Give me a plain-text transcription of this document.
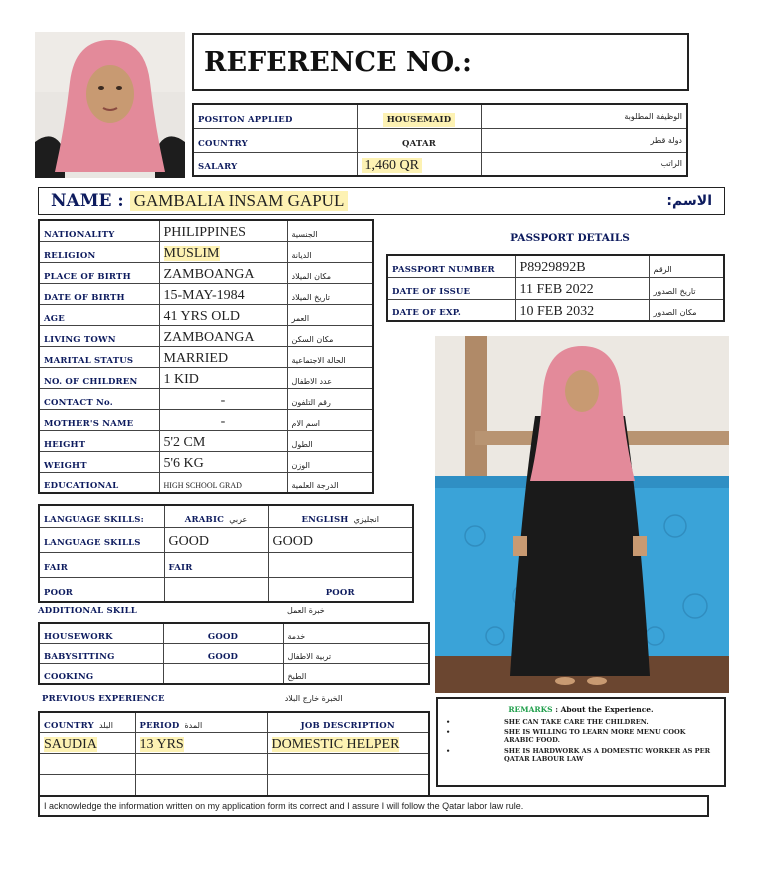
REFERENCE NO.:
POSITON APPLIED	HOUSEMAID	الوظيفة المطلوبة
COUNTRY	QATAR	دولة قطر
SALARY	1,460 QR	الراتب
NAME : GAMBALIA INSAM GAPUL	الاسم:
NATIONALITY	PHILIPPINES	الجنسية
RELIGION	MUSLIM	الديانة
PLACE OF BIRTH	ZAMBOANGA	مكان الميلاد
DATE OF BIRTH	15-MAY-1984	تاريخ الميلاد
AGE	41 YRS OLD	العمر
LIVING TOWN	ZAMBOANGA	مكان السكن
MARITAL STATUS	MARRIED	الحالة الاجتماعية
NO. OF CHILDREN	1 KID	عدد الاطفال
CONTACT No.	-	رقم التلفون
MOTHER'S NAME	-	اسم الام
HEIGHT	5'2 CM	الطول
WEIGHT	5'6 KG	الوزن
EDUCATIONAL	HIGH SCHOOL GRAD	الدرجة العلمية
PASSPORT DETAILS
PASSPORT NUMBER	P8929892B	الرقم
DATE OF ISSUE	11 FEB 2022	تاريخ الصدور
DATE OF EXP.	10 FEB 2032	مكان الصدور
LANGUAGE SKILLS:	ARABIC عربي	ENGLISH انجليزي
LANGUAGE SKILLS	GOOD	GOOD
FAIR	FAIR	
POOR		POOR
ADDITIONAL SKILL	خبرة العمل
HOUSEWORK	GOOD	خدمة
BABYSITTING	GOOD	تربية الاطفال
COOKING		الطبخ
PREVIOUS EXPERIENCE	الخبرة خارج البلاد
COUNTRY البلد	PERIOD المدة	JOB DESCRIPTION
SAUDIA	13 YRS	DOMESTIC HELPER

REMARKS : About the Experience.
•	SHE CAN TAKE CARE THE CHILDREN.
•	SHE IS WILLING TO LEARN MORE MENU COOK ARABIC FOOD.
•	SHE IS HARDWORK AS A DOMESTIC WORKER AS PER QATAR LABOUR LAW
I acknowledge the information written on my application form its correct and I assure I will follow the Qatar labor law rule.
